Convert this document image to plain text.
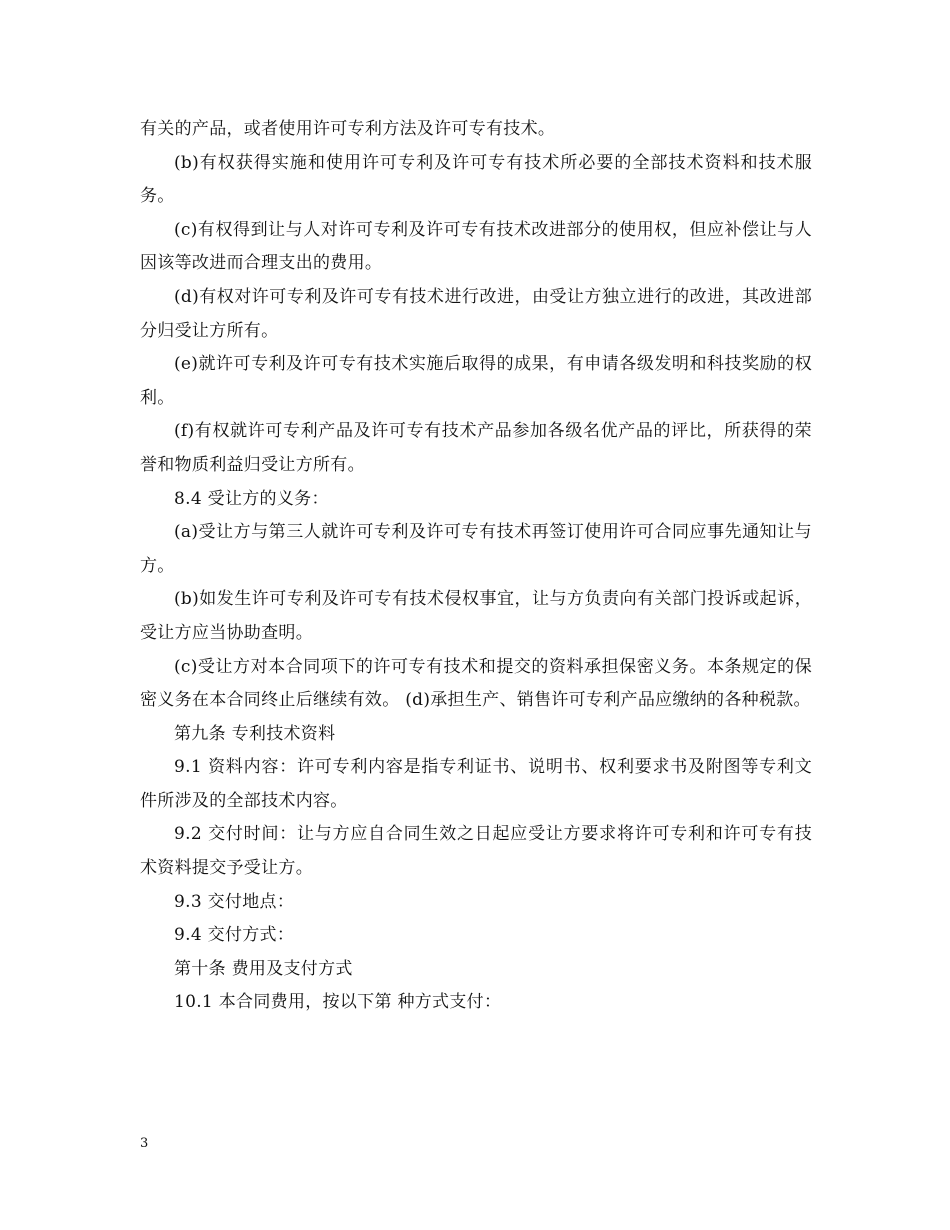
有关的产品，或者使用许可专利方法及许可专有技术。

(b)有权获得实施和使用许可专利及许可专有技术所必要的全部技术资料和技术服务。

(c)有权得到让与人对许可专利及许可专有技术改进部分的使用权，但应补偿让与人因该等改进而合理支出的费用。

(d)有权对许可专利及许可专有技术进行改进，由受让方独立进行的改进，其改进部分归受让方所有。

(e)就许可专利及许可专有技术实施后取得的成果，有申请各级发明和科技奖励的权利。

(f)有权就许可专利产品及许可专有技术产品参加各级名优产品的评比，所获得的荣誉和物质利益归受让方所有。

8.4 受让方的义务：

(a)受让方与第三人就许可专利及许可专有技术再签订使用许可合同应事先通知让与方。

(b)如发生许可专利及许可专有技术侵权事宜，让与方负责向有关部门投诉或起诉，受让方应当协助查明。

(c)受让方对本合同项下的许可专有技术和提交的资料承担保密义务。本条规定的保密义务在本合同终止后继续有效。 (d)承担生产、销售许可专利产品应缴纳的各种税款。

第九条 专利技术资料

9.1 资料内容：许可专利内容是指专利证书、说明书、权利要求书及附图等专利文件所涉及的全部技术内容。

9.2 交付时间：让与方应自合同生效之日起应受让方要求将许可专利和许可专有技术资料提交予受让方。

9.3 交付地点：

9.4 交付方式：

第十条 费用及支付方式

10.1 本合同费用，按以下第 种方式支付：

3
